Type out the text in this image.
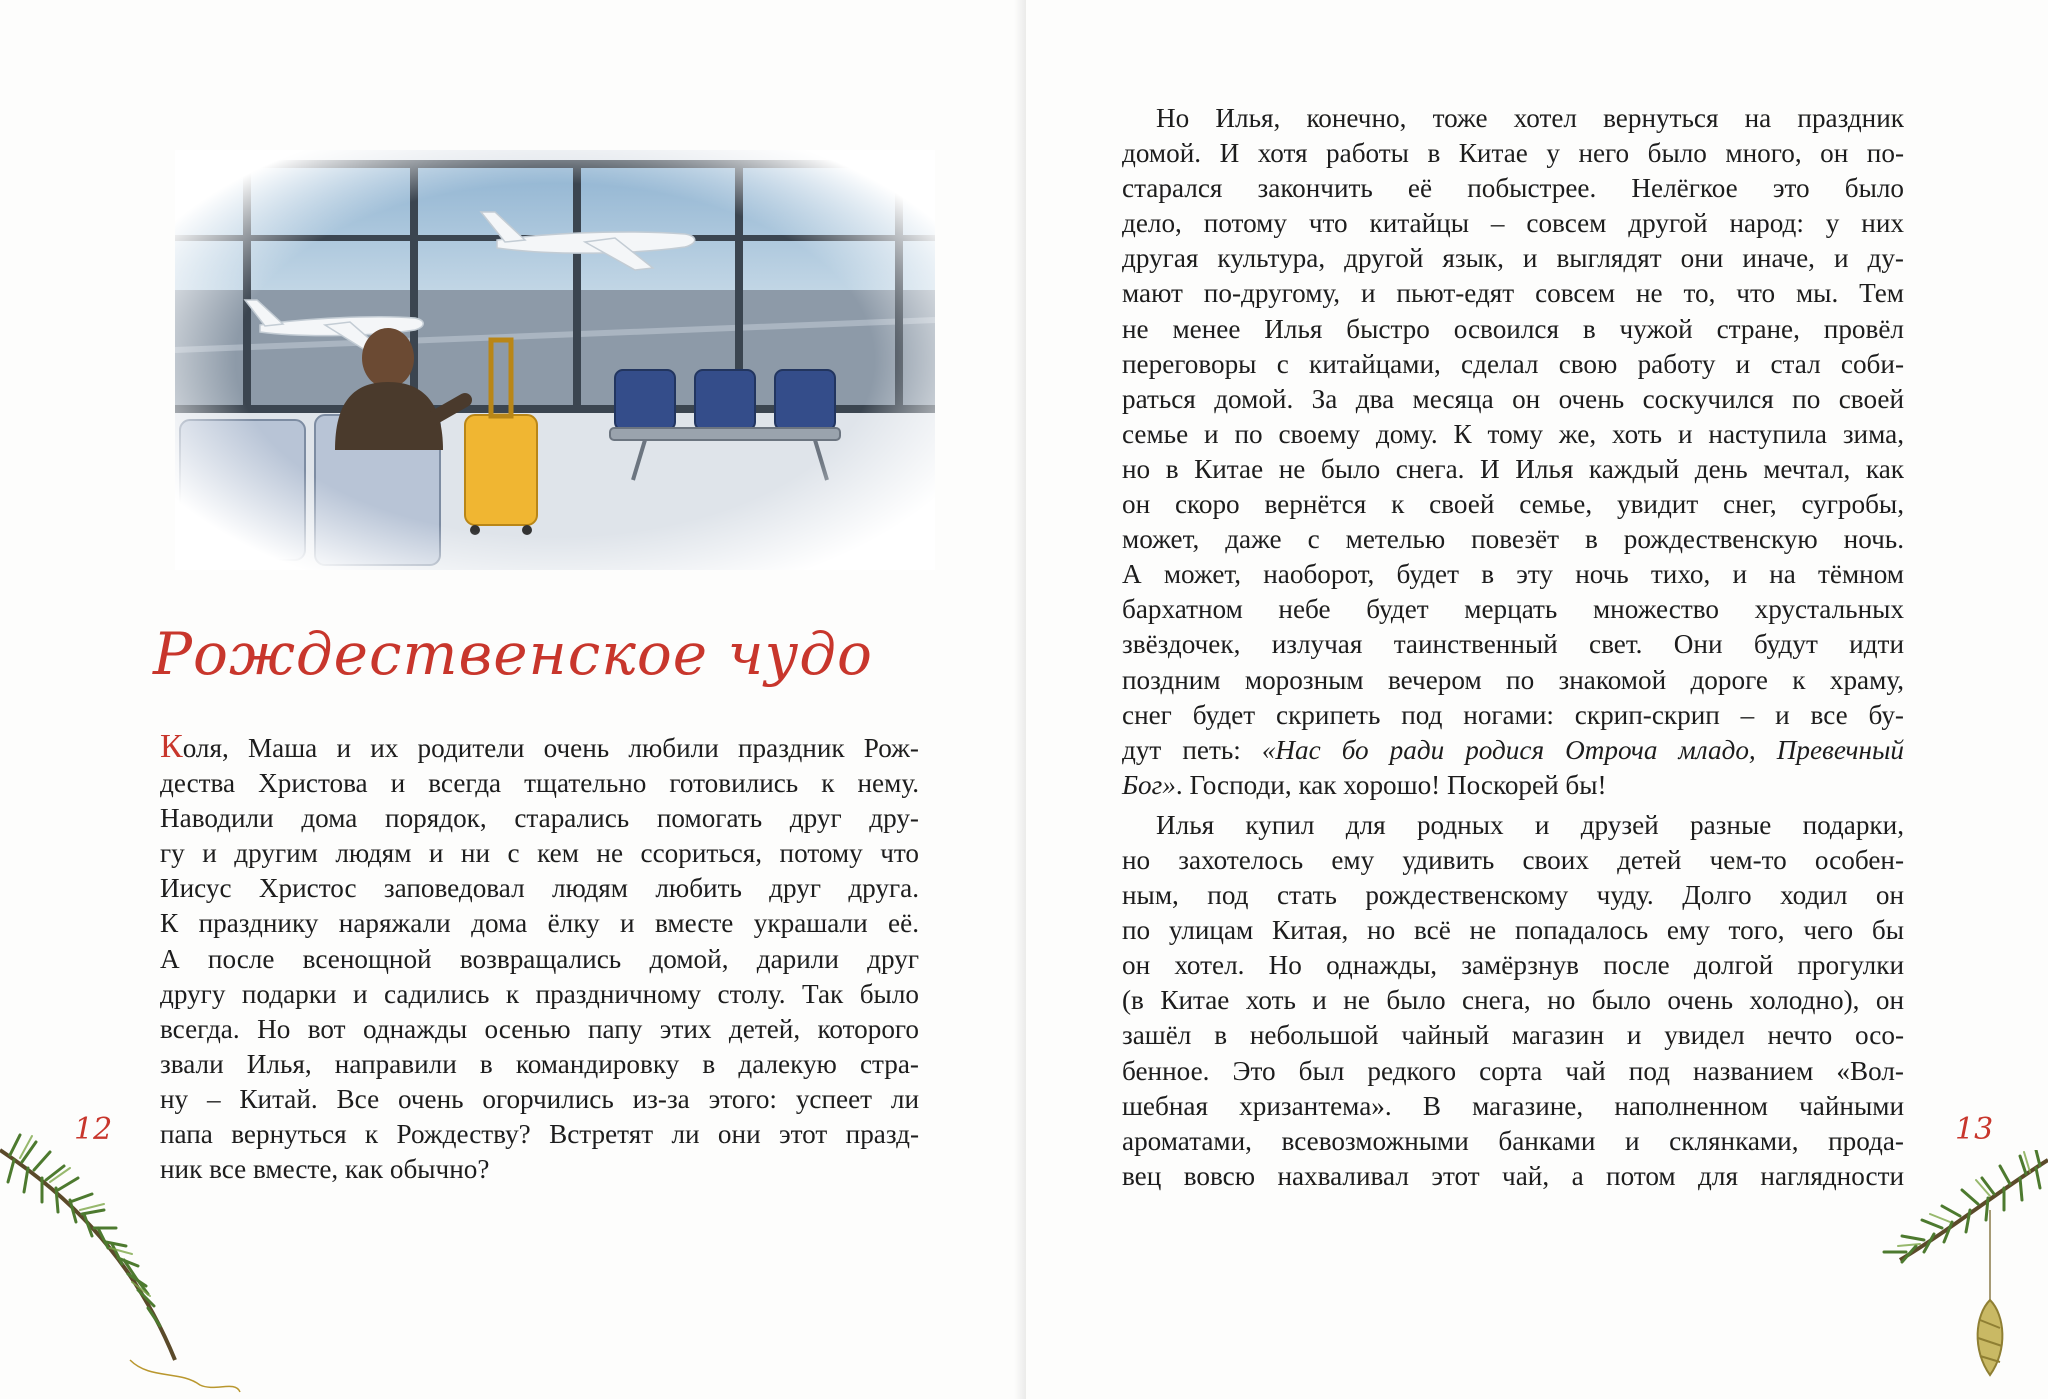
Рождественское чудо
Коля, Маша и их родители очень любили праздник Рож-
дества Христова и всегда тщательно готовились к нему.
Наводили дома порядок, старались помогать друг дру-
гу и другим людям и ни с кем не ссориться, потому что
Иисус Христос заповедовал людям любить друг друга.
К празднику наряжали дома ёлку и вместе украшали её.
А после всенощной возвращались домой, дарили друг
другу подарки и садились к праздничному столу. Так было
всегда. Но вот однажды осенью папу этих детей, которого
звали Илья, направили в командировку в далекую стра-
ну – Китай. Все очень огорчились из-за этого: успеет ли
папа вернуться к Рождеству? Встретят ли они этот празд-
ник все вместе, как обычно?
12
Но Илья, конечно, тоже хотел вернуться на праздник
домой. И хотя работы в Китае у него было много, он по-
старался закончить её побыстрее. Нелёгкое это было
дело, потому что китайцы – совсем другой народ: у них
другая культура, другой язык, и выглядят они иначе, и ду-
мают по-другому, и пьют-едят совсем не то, что мы. Тем
не менее Илья быстро освоился в чужой стране, провёл
переговоры с китайцами, сделал свою работу и стал соби-
раться домой. За два месяца он очень соскучился по своей
семье и по своему дому. К тому же, хоть и наступила зима,
но в Китае не было снега. И Илья каждый день мечтал, как
он скоро вернётся к своей семье, увидит снег, сугробы,
может, даже с метелью повезёт в рождественскую ночь.
А может, наоборот, будет в эту ночь тихо, и на тёмном
бархатном небе будет мерцать множество хрустальных
звёздочек, излучая таинственный свет. Они будут идти
поздним морозным вечером по знакомой дороге к храму,
снег будет скрипеть под ногами: скрип-скрип – и все бу-
дут петь: «Нас бо ради родися Отроча младо, Превечный
Бог». Господи, как хорошо! Поскорей бы!
Илья купил для родных и друзей разные подарки,
но захотелось ему удивить своих детей чем-то особен-
ным, под стать рождественскому чуду. Долго ходил он
по улицам Китая, но всё не попадалось ему того, чего бы
он хотел. Но однажды, замёрзнув после долгой прогулки
(в Китае хоть и не было снега, но было очень холодно), он
зашёл в небольшой чайный магазин и увидел нечто осо-
бенное. Это был редкого сорта чай под названием «Вол-
шебная хризантема». В магазине, наполненном чайными
ароматами, всевозможными банками и склянками, прода-
вец вовсю нахваливал этот чай, а потом для наглядности
13
